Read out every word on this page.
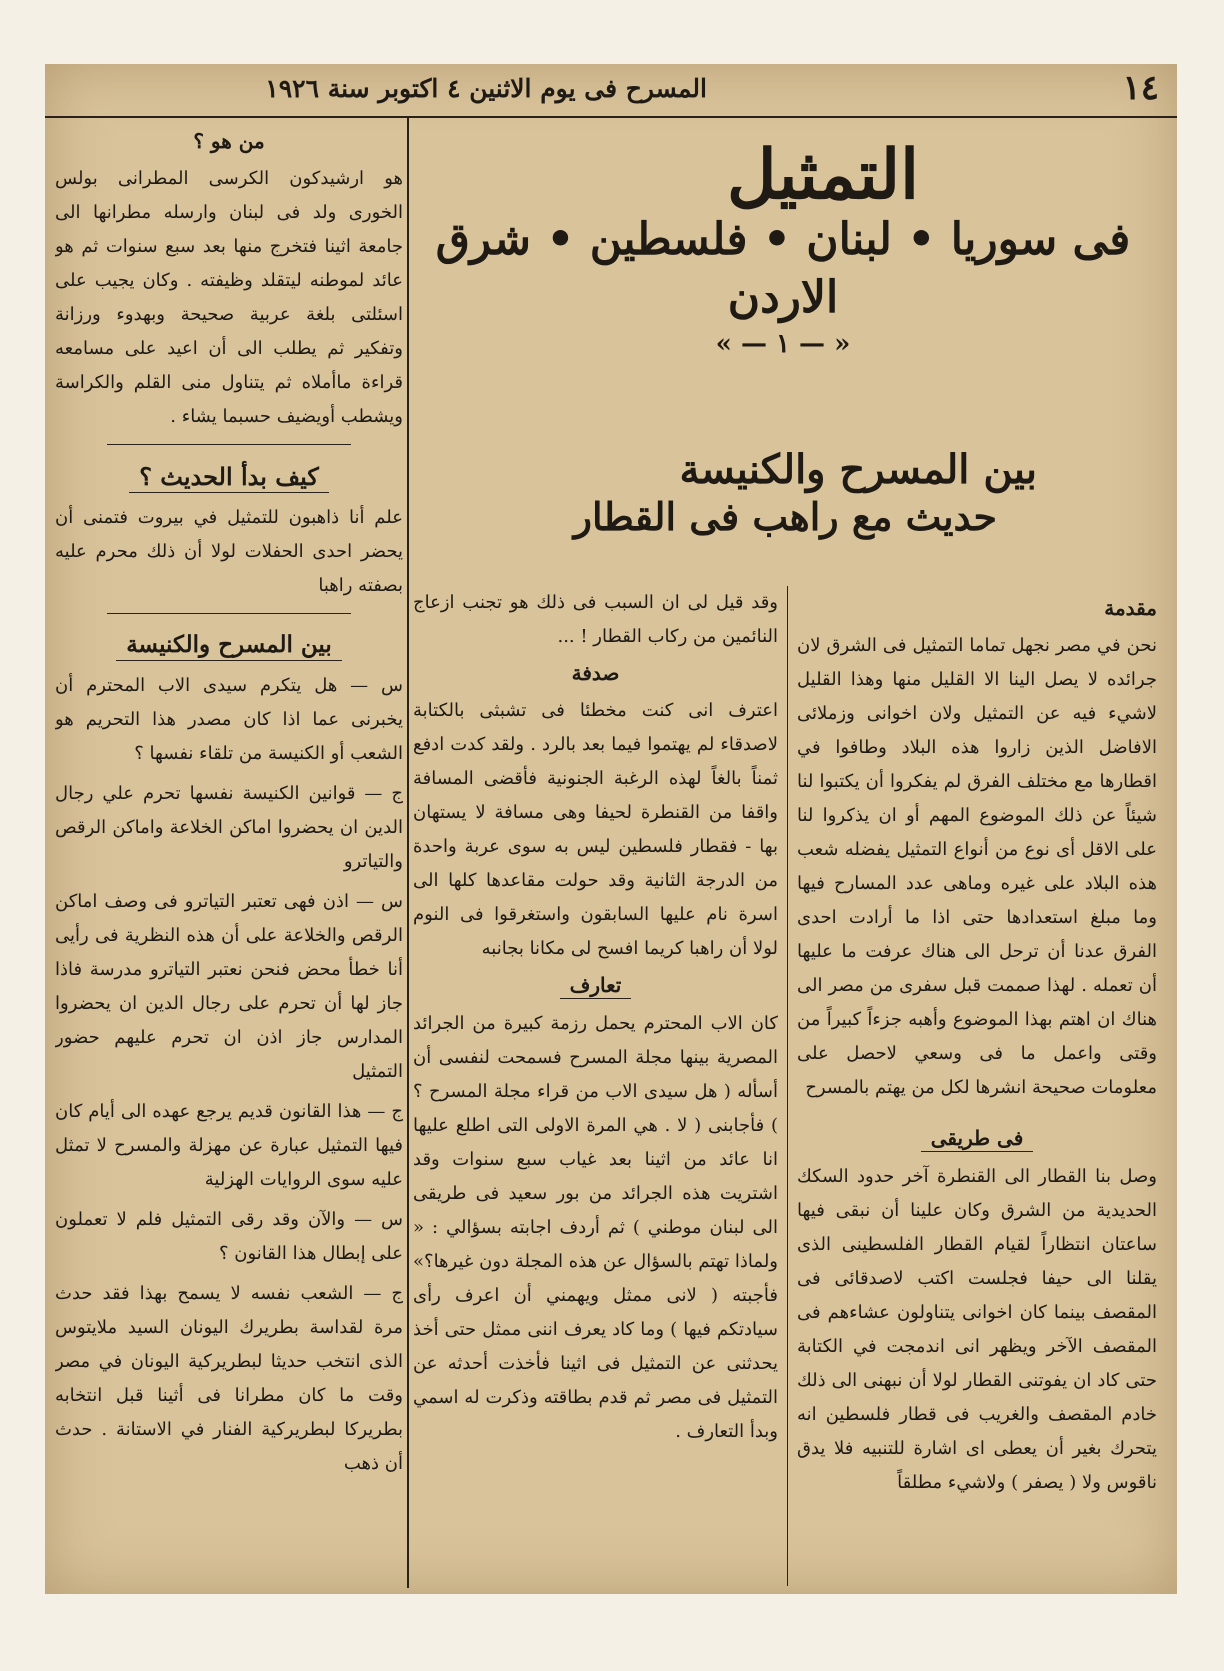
١٤
المسرح فى يوم الاثنين ٤ اكتوبر سنة ١٩٢٦
من هو ؟

هو ارشيدكون الكرسى المطرانى بولس الخورى ولد فى لبنان وارسله مطرانها الى جامعة اثينا فتخرج منها بعد سبع سنوات ثم هو عائد لموطنه ليتقلد وظيفته . وكان يجيب على اسئلتى بلغة عربية صحيحة وبهدوء ورزانة وتفكير ثم يطلب الى أن اعيد على مسامعه قراءة ماأملاه ثم يتناول منى القلم والكراسة ويشطب أويضيف حسبما يشاء .

كيف بدأ الحديث ؟

علم أنا ذاهبون للتمثيل في بيروت فتمنى أن يحضر احدى الحفلات لولا أن ذلك محرم عليه بصفته راهبا

بين المسرح والكنيسة

س — هل يتكرم سيدى الاب المحترم أن يخبرنى عما اذا كان مصدر هذا التحريم هو الشعب أو الكنيسة من تلقاء نفسها ؟

ج — قوانين الكنيسة نفسها تحرم علي رجال الدين ان يحضروا اماكن الخلاعة واماكن الرقص والتياترو

س — اذن فهى تعتبر التياترو فى وصف اماكن الرقص والخلاعة على أن هذه النظرية فى رأيى أنا خطأ محض فنحن نعتبر التياترو مدرسة فاذا جاز لها أن تحرم على رجال الدين ان يحضروا المدارس جاز اذن ان تحرم عليهم حضور التمثيل

ج — هذا القانون قديم يرجع عهده الى أيام كان فيها التمثيل عبارة عن مهزلة والمسرح لا تمثل عليه سوى الروايات الهزلية

س — والآن وقد رقى التمثيل فلم لا تعملون على إبطال هذا القانون ؟

ج — الشعب نفسه لا يسمح بهذا فقد حدث مرة لقداسة بطريرك اليونان السيد ملايتوس الذى انتخب حديثا لبطريركية اليونان في مصر وقت ما كان مطرانا فى أثينا قبل انتخابه بطريركا لبطريركية الفنار في الاستانة . حدث أن ذهب

التمثيل
فى سوريا • لبنان • فلسطين • شرق الاردن
« — ١ — »
بين المسرح والكنيسة
حديث مع راهب فى القطار

وقد قيل لى ان السبب فى ذلك هو تجنب ازعاج النائمين من ركاب القطار ! ...

صدفة

اعترف انى كنت مخطئا فى تشبثى بالكتابة لاصدقاء لم يهتموا فيما بعد بالرد . ولقد كدت ادفع ثمناً بالغاً لهذه الرغبة الجنونية فأقضى المسافة واقفا من القنطرة لحيفا وهى مسافة لا يستهان بها - فقطار فلسطين ليس به سوى عربة واحدة من الدرجة الثانية وقد حولت مقاعدها كلها الى اسرة نام عليها السابقون واستغرقوا فى النوم لولا أن راهبا كريما افسح لى مكانا بجانبه

تعارف

كان الاب المحترم يحمل رزمة كبيرة من الجرائد المصرية بينها مجلة المسرح فسمحت لنفسى أن أسأله ( هل سيدى الاب من قراء مجلة المسرح ؟ ) فأجابنى ( لا . هي المرة الاولى التى اطلع عليها انا عائد من اثينا بعد غياب سبع سنوات وقد اشتريت هذه الجرائد من بور سعيد فى طريقى الى لبنان موطني ) ثم أردف اجابته بسؤالي : « ولماذا تهتم بالسؤال عن هذه المجلة دون غيرها؟» فأجبته ( لانى ممثل ويهمني أن اعرف رأى سيادتكم فيها ) وما كاد يعرف اننى ممثل حتى أخذ يحدثنى عن التمثيل فى اثينا فأخذت أحدثه عن التمثيل فى مصر ثم قدم بطاقته وذكرت له اسمي وبدأ التعارف .

مقدمة

نحن في مصر نجهل تماما التمثيل فى الشرق لان جرائده لا يصل الينا الا القليل منها وهذا القليل لاشيء فيه عن التمثيل ولان اخوانى وزملائى الافاضل الذين زاروا هذه البلاد وطافوا في اقطارها مع مختلف الفرق لم يفكروا أن يكتبوا لنا شيئاً عن ذلك الموضوع المهم أو ان يذكروا لنا على الاقل أى نوع من أنواع التمثيل يفضله شعب هذه البلاد على غيره وماهى عدد المسارح فيها وما مبلغ استعدادها حتى اذا ما أرادت احدى الفرق عدنا أن ترحل الى هناك عرفت ما عليها أن تعمله . لهذا صممت قبل سفرى من مصر الى هناك ان اهتم بهذا الموضوع وأهبه جزءاً كبيراً من وقتى واعمل ما فى وسعي لاحصل على معلومات صحيحة انشرها لكل من يهتم بالمسرح

فى طريقى

وصل بنا القطار الى القنطرة آخر حدود السكك الحديدية من الشرق وكان علينا أن نبقى فيها ساعتان انتظاراً لقيام القطار الفلسطينى الذى يقلنا الى حيفا فجلست اكتب لاصدقائى فى المقصف بينما كان اخوانى يتناولون عشاءهم فى المقصف الآخر ويظهر انى اندمجت في الكتابة حتى كاد ان يفوتنى القطار لولا أن نبهنى الى ذلك خادم المقصف والغريب فى قطار فلسطين انه يتحرك بغير أن يعطى اى اشارة للتنبيه فلا يدق ناقوس ولا ( يصفر ) ولاشيء مطلقاً
